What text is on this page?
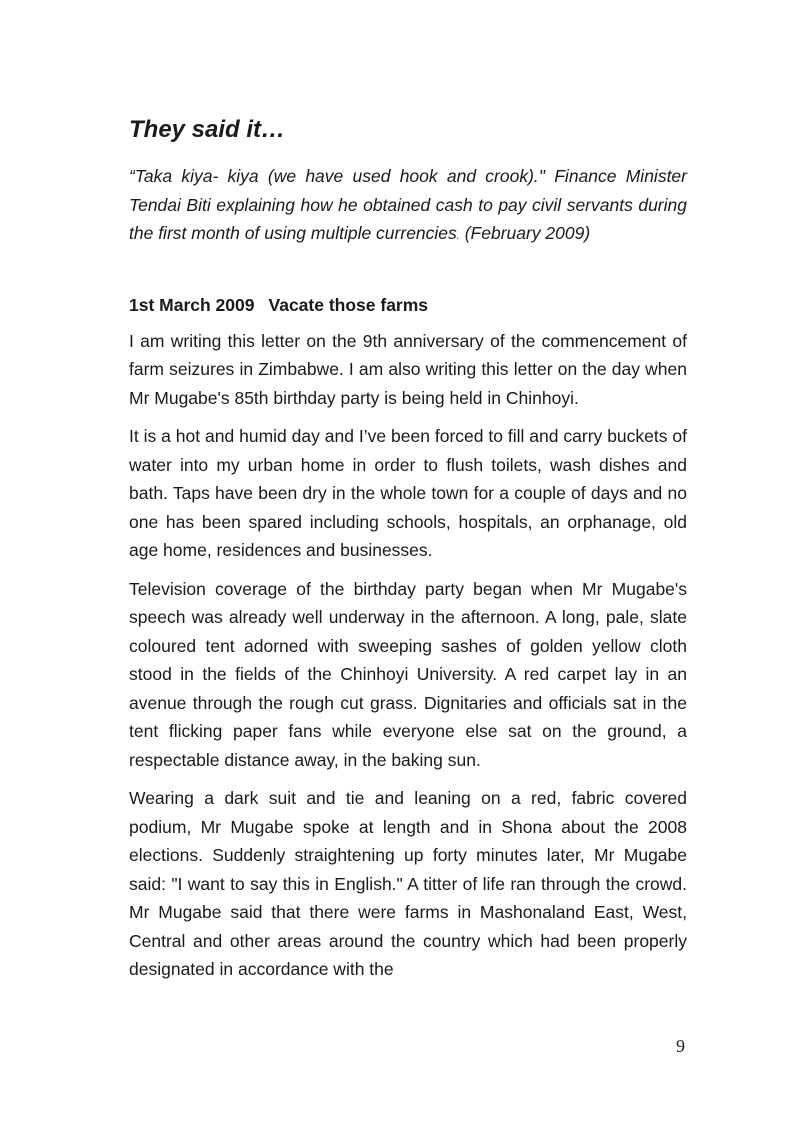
They said it…

“Taka kiya- kiya (we have used hook and crook)." Finance Minister Tendai Biti explaining how he obtained cash to pay civil servants during the first month of using multiple currencies. (February 2009)

1st March 2009 Vacate those farms

I am writing this letter on the 9th anniversary of the commencement of farm seizures in Zimbabwe. I am also writing this letter on the day when Mr Mugabe's 85th birthday party is being held in Chinhoyi.

It is a hot and humid day and I’ve been forced to fill and carry buckets of water into my urban home in order to flush toilets, wash dishes and bath. Taps have been dry in the whole town for a couple of days and no one has been spared including schools, hospitals, an orphanage, old age home, residences and businesses.

Television coverage of the birthday party began when Mr Mugabe's speech was already well underway in the afternoon. A long, pale, slate coloured tent adorned with sweeping sashes of golden yellow cloth stood in the fields of the Chinhoyi University. A red carpet lay in an avenue through the rough cut grass. Dignitaries and officials sat in the tent flicking paper fans while everyone else sat on the ground, a respectable distance away, in the baking sun.

Wearing a dark suit and tie and leaning on a red, fabric covered podium, Mr Mugabe spoke at length and in Shona about the 2008 elections. Suddenly straightening up forty minutes later, Mr Mugabe said: "I want to say this in English." A titter of life ran through the crowd. Mr Mugabe said that there were farms in Mashonaland East, West, Central and other areas around the country which had been properly designated in accordance with the

9
